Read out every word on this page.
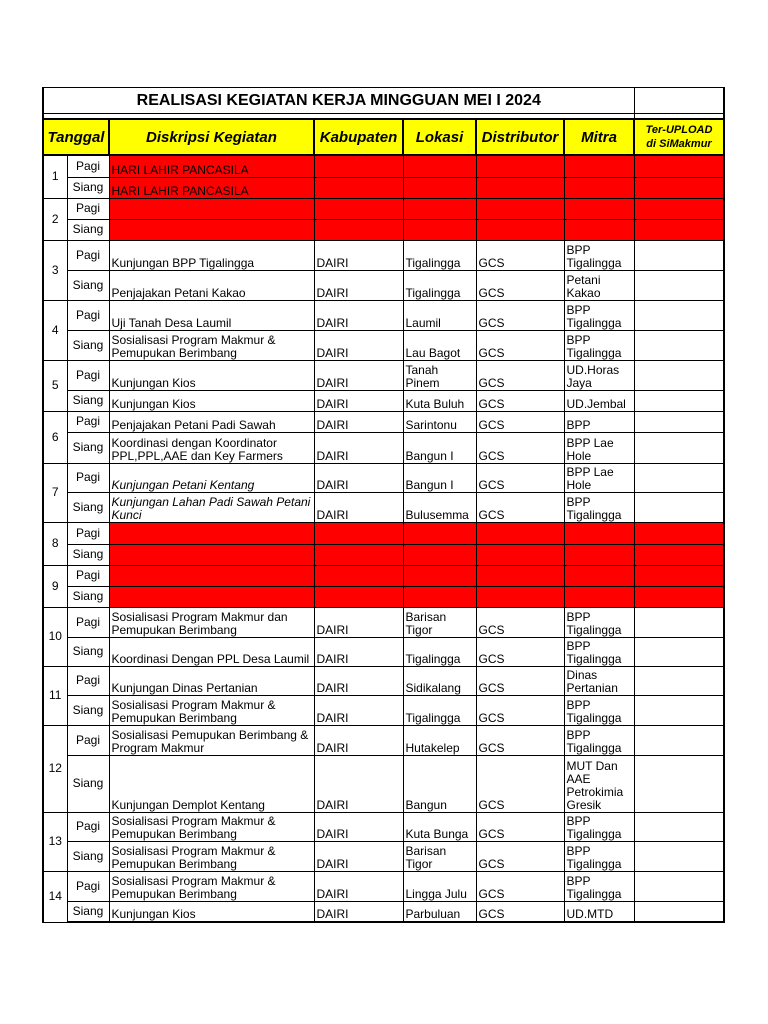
REALISASI KEGIATAN KERJA MINGGUAN MEI I 2024							

Tanggal		Diskripsi Kegiatan	Kabupaten	Lokasi	Distributor	Mitra	Ter-UPLOAD
di SiMakmur
1	Pagi	HARI LAHIR PANCASILA					
	Siang	HARI LAHIR PANCASILA					
2	Pagi						
	Siang						
3	Pagi	Kunjungan BPP Tigalingga	DAIRI	Tigalingga	GCS	BPP Tigalingga	
	Siang	Penjajakan Petani Kakao	DAIRI	Tigalingga	GCS	Petani Kakao	
4	Pagi	Uji Tanah Desa Laumil	DAIRI	Laumil	GCS	BPP Tigalingga	
	Siang	Sosialisasi Program Makmur & Pemupukan Berimbang	DAIRI	Lau Bagot	GCS	BPP Tigalingga	
5	Pagi	Kunjungan Kios	DAIRI	Tanah Pinem	GCS	UD.Horas Jaya	
	Siang	Kunjungan Kios	DAIRI	Kuta Buluh	GCS	UD.Jembal	
6	Pagi	Penjajakan Petani Padi Sawah	DAIRI	Sarintonu	GCS	BPP	
	Siang	Koordinasi dengan Koordinator PPL,PPL,AAE dan Key Farmers	DAIRI	Bangun I	GCS	BPP Lae Hole	
7	Pagi	Kunjungan Petani Kentang	DAIRI	Bangun I	GCS	BPP Lae Hole	
	Siang	Kunjungan Lahan Padi Sawah Petani Kunci	DAIRI	Bulusemma	GCS	BPP Tigalingga	
8	Pagi						
	Siang						
9	Pagi						
	Siang						
10	Pagi	Sosialisasi Program Makmur dan Pemupukan Berimbang	DAIRI	Barisan Tigor	GCS	BPP Tigalingga	
	Siang	Koordinasi Dengan PPL Desa Laumil	DAIRI	Tigalingga	GCS	BPP Tigalingga	
11	Pagi	Kunjungan Dinas Pertanian	DAIRI	Sidikalang	GCS	Dinas Pertanian	
	Siang	Sosialisasi Program Makmur & Pemupukan Berimbang	DAIRI	Tigalingga	GCS	BPP Tigalingga	
12	Pagi	Sosialisasi Pemupukan Berimbang & Program Makmur	DAIRI	Hutakelep	GCS	BPP Tigalingga	
	Siang	Kunjungan Demplot Kentang	DAIRI	Bangun	GCS	MUT Dan AAE Petrokimia Gresik	
13	Pagi	Sosialisasi Program Makmur & Pemupukan Berimbang	DAIRI	Kuta Bunga	GCS	BPP Tigalingga	
	Siang	Sosialisasi Program Makmur & Pemupukan Berimbang	DAIRI	Barisan Tigor	GCS	BPP Tigalingga	
14	Pagi	Sosialisasi Program Makmur & Pemupukan Berimbang	DAIRI	Lingga Julu	GCS	BPP Tigalingga	
	Siang	Kunjungan Kios	DAIRI	Parbuluan	GCS	UD.MTD	
